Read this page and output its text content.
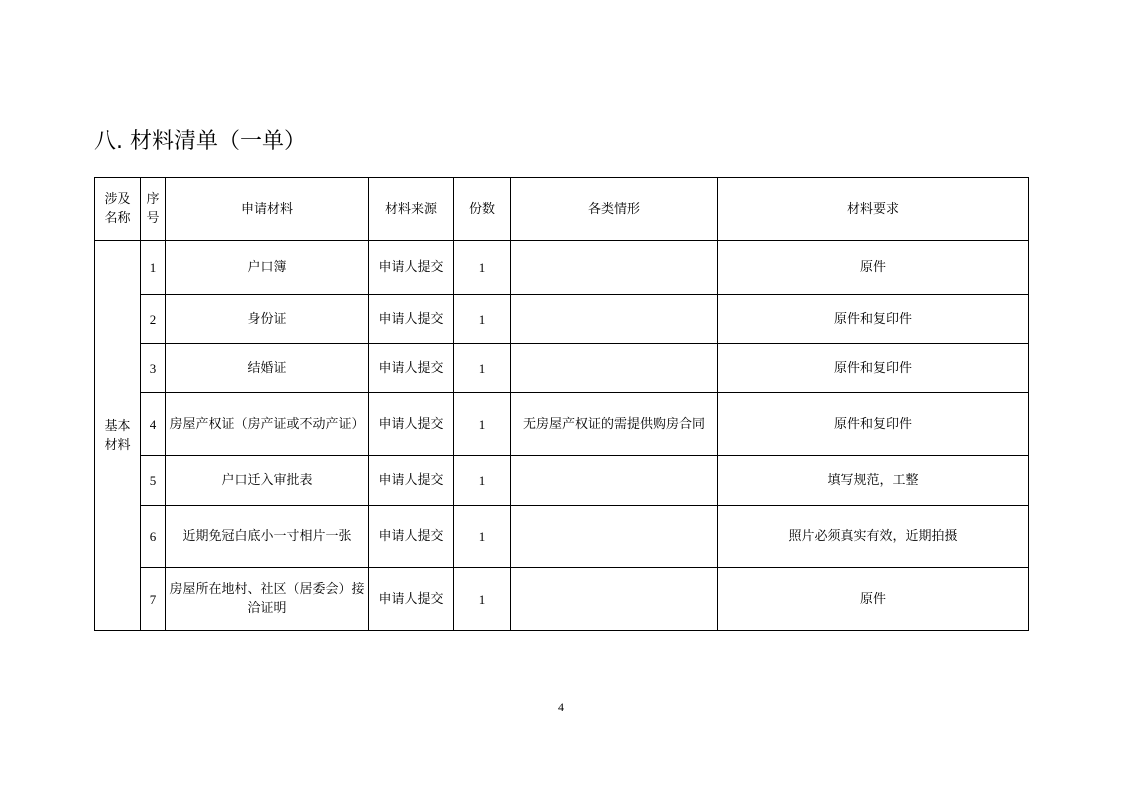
八. 材料清单（一单）
涉及名称	序号	申请材料	材料来源	份数	各类情形	材料要求

基本材料	1	户口簿	申请人提交	1		原件
	2	身份证	申请人提交	1		原件和复印件
	3	结婚证	申请人提交	1		原件和复印件
	4	房屋产权证（房产证或不动产证）	申请人提交	1	无房屋产权证的需提供购房合同	原件和复印件
	5	户口迁入审批表	申请人提交	1		填写规范，工整
	6	近期免冠白底小一寸相片一张	申请人提交	1		照片必须真实有效，近期拍摄
	7	房屋所在地村、社区（居委会）接洽证明	申请人提交	1		原件
4
